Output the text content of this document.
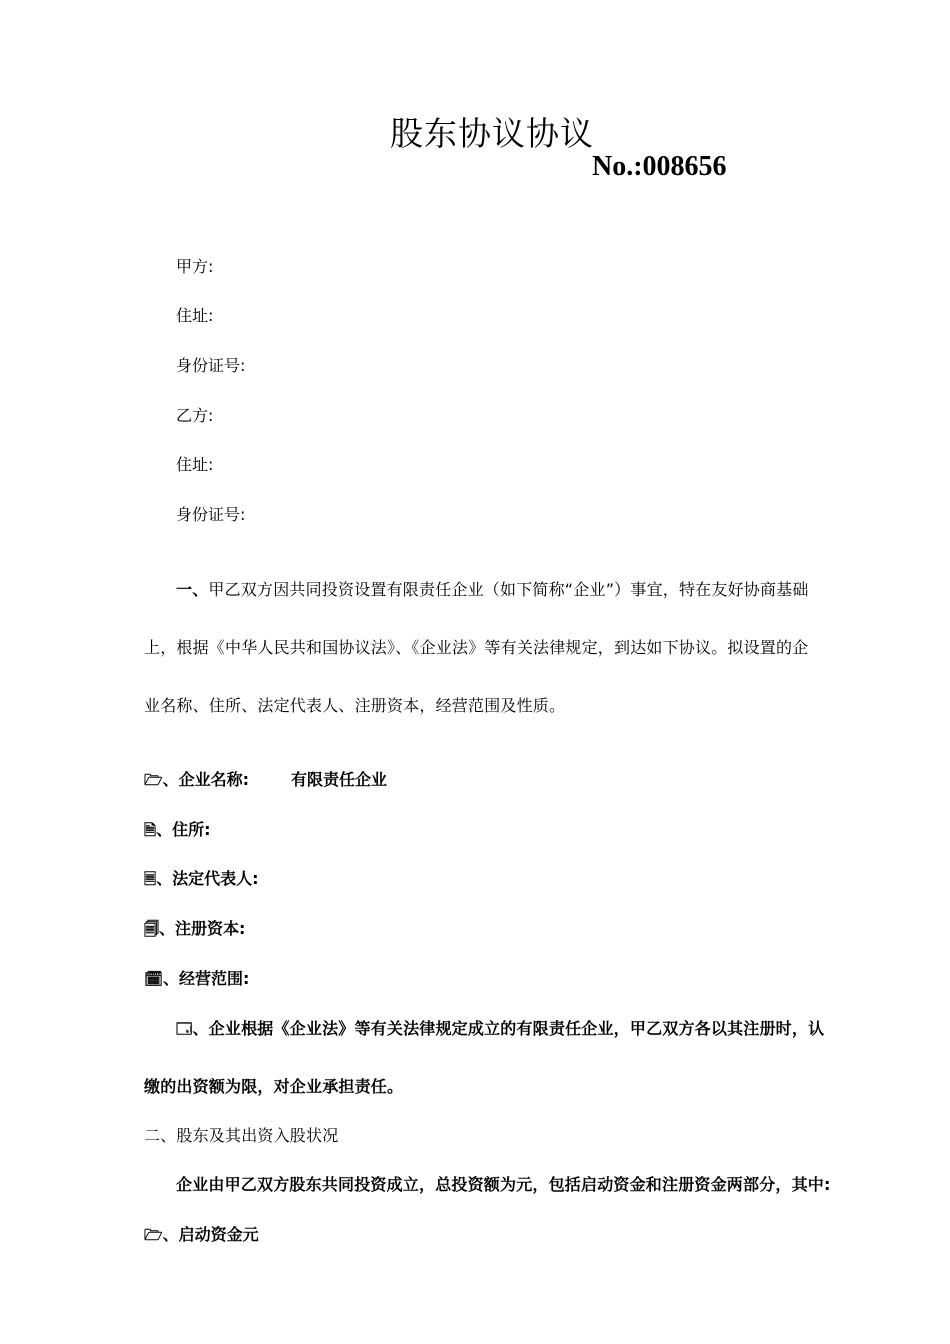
股东协议协议
No.:008656
甲方:
住址:
身份证号:
乙方:
住址:
身份证号:
一、甲乙双方因共同投资设置有限责任企业（如下简称“企业”）事宜，特在友好协商基础
上，根据《中华人民共和国协议法》、《企业法》等有关法律规定，到达如下协议。拟设置的企
业名称、住所、法定代表人、注册资本，经营范围及性质。
🗁、企业名称:	有限责任企业
🗎、住所:
🗏、法定代表人:
🗐、注册资本:
🗓、经营范围:
🗔、企业根据《企业法》等有关法律规定成立的有限责任企业，甲乙双方各以其注册时，认
缴的出资额为限，对企业承担责任。
二、股东及其出资入股状况
企业由甲乙双方股东共同投资成立，总投资额为元，包括启动资金和注册资金两部分，其中:
🗁、启动资金元
